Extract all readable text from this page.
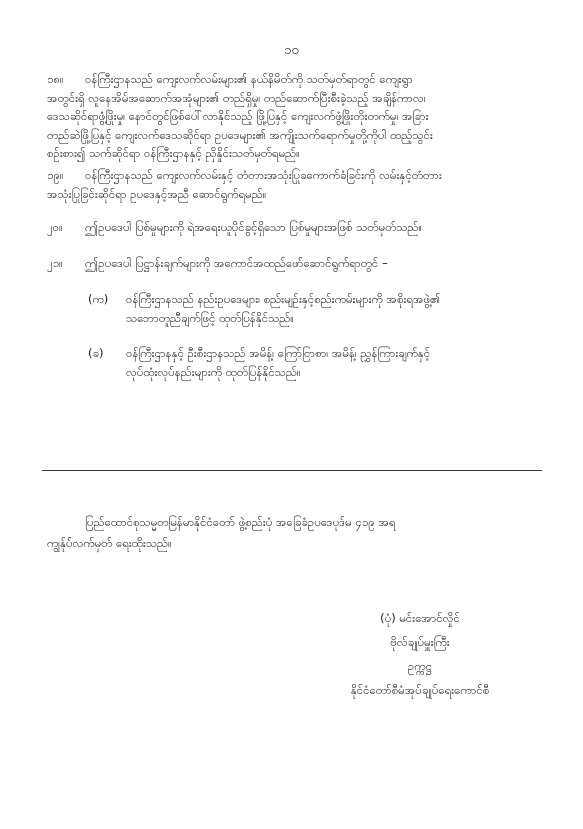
၁၀
၁၈။ ဝန်ကြီးဌာနသည် ကျေးလက်လမ်းများ၏ နယ်နိမိတ်ကို သတ်မှတ်ရာတွင် ကျေးရွာ
အတွင်းရှိ လူနေအိမ်အဆောက်အအုံများ၏ တည်ရှိမှု၊ တည်ဆောက်ပြီးစီးခဲ့သည့် အချိန်ကာလ၊
ဒေသဆိုင်ရာဖွံ့ဖြိုးမှု၊ နောင်တွင်ဖြစ်ပေါ်လာနိုင်သည့် ဖြို့ပြနှင့် ကျေးလက်ဖွံ့ဖြိုးတိုးတက်မှု၊ အခြား
တည်ဆဲဖြို့ပြနှင့် ကျေးလက်ဒေသဆိုင်ရာ ဥပဒေများ၏ အကျိုးသက်ရောက်မှုတို့ကိုပါ ထည့်သွင်း
စဉ်းစား၍ သက်ဆိုင်ရာ ဝန်ကြီးဌာနနှင့် ညှိနှိုင်းသတ်မှတ်ရမည်။
၁၉။ ဝန်ကြီးဌာနသည် ကျေးလက်လမ်းနှင့် တံတားအသုံးပြုခကောက်ခံခြင်းကို လမ်းနှင့်တံတား
အသုံးပြုခြင်းဆိုင်ရာ ဥပဒေနှင့်အညီ ဆောင်ရွက်ရမည်။
၂၀။ ဤဥပဒေပါ ပြစ်မှုများကို ရဲအရေးယူပိုင်ခွင့်ရှိသော ပြစ်မှုများအဖြစ် သတ်မှတ်သည်။
၂၁။ ဤဥပဒေပါ ပြဋ္ဌာန်းချက်များကို အကောင်အထည်ဖော်ဆောင်ရွက်ရာတွင် –
(က) ဝန်ကြီးဌာနသည် နည်းဥပဒေများ၊ စည်းမျဉ်းနှင့်စည်းကမ်းများကို အစိုးရအဖွဲ့၏
သဘောတူညီချက်ဖြင့် ထုတ်ပြန်နိုင်သည်။
(ခ) ဝန်ကြီးဌာနနှင့် ဦးစီးဌာနသည် အမိန့်၊ ကြော်ငြာစာ၊ အမိန့်၊ ညွှန်ကြားချက်နှင့်
လုပ်ထုံးလုပ်နည်းများကို ထုတ်ပြန်နိုင်သည်။
ပြည်ထောင်စုသမ္မတမြန်မာနိုင်ငံတော် ဖွဲ့စည်းပုံ အခြေခံဥပဒေပုဒ်မ ၄၁၉ အရ
ကျွန်ုပ်လက်မှတ် ရေးထိုးသည်။
(ပုံ) မင်းအောင်လှိုင်
ဗိုလ်ချုပ်မှူးကြီး
ဥက္ကဋ္ဌ
နိုင်ငံတော်စီမံအုပ်ချုပ်ရေးကောင်စီ
